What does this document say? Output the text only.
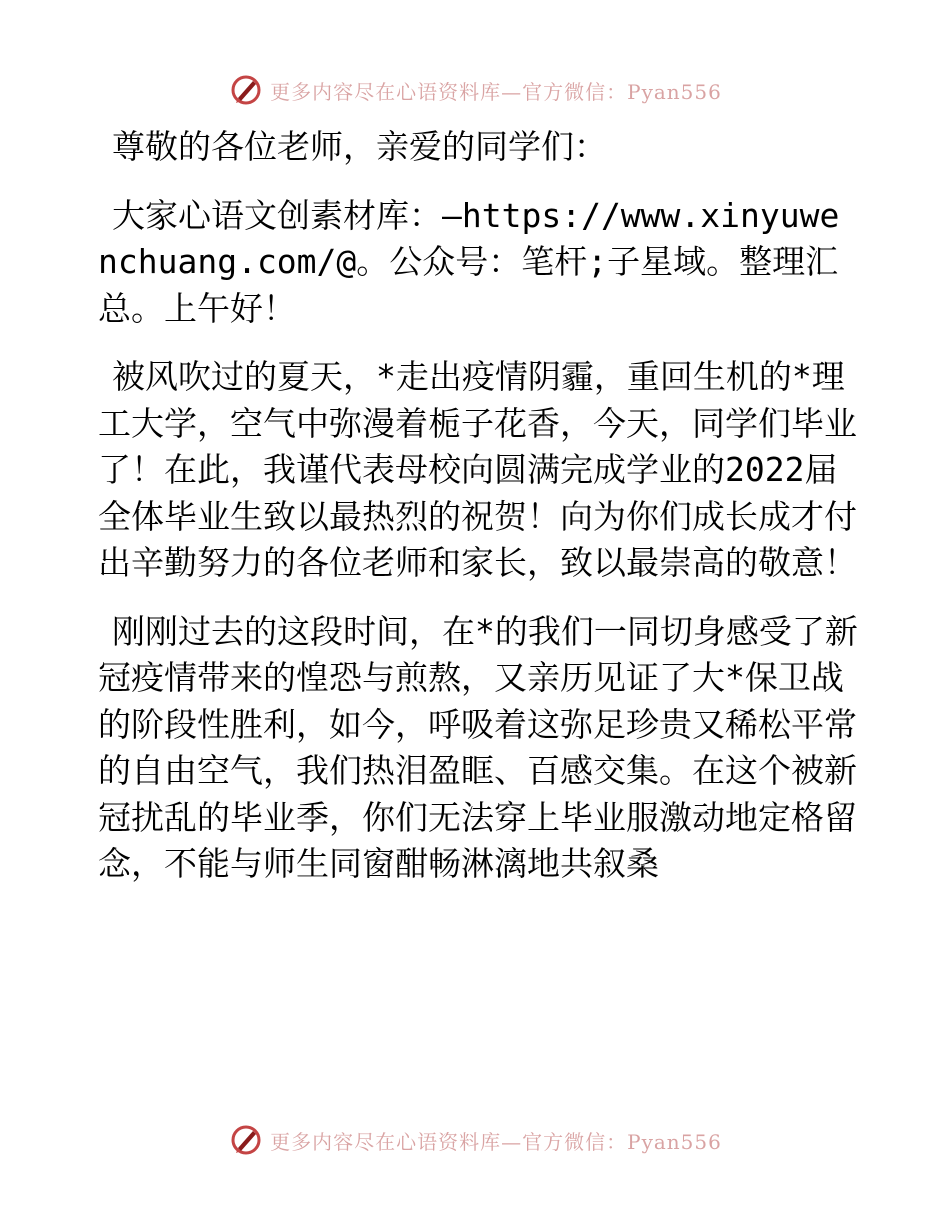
更多内容尽在心语资料库—官方微信：Pyan556

尊敬的各位老师，亲爱的同学们：

大家心语文创素材库：—https://www.xinyuwenchuang.com/@。公众号：笔杆;子星域。整理汇总。上午好！

被风吹过的夏天，*走出疫情阴霾，重回生机的*理工大学，空气中弥漫着栀子花香，今天，同学们毕业了！在此，我谨代表母校向圆满完成学业的2022届全体毕业生致以最热烈的祝贺！向为你们成长成才付出辛勤努力的各位老师和家长，致以最崇高的敬意！

刚刚过去的这段时间，在*的我们一同切身感受了新冠疫情带来的惶恐与煎熬，又亲历见证了大*保卫战的阶段性胜利，如今，呼吸着这弥足珍贵又稀松平常的自由空气，我们热泪盈眶、百感交集。在这个被新冠扰乱的毕业季，你们无法穿上毕业服激动地定格留念，不能与师生同窗酣畅淋漓地共叙桑

更多内容尽在心语资料库—官方微信：Pyan556
